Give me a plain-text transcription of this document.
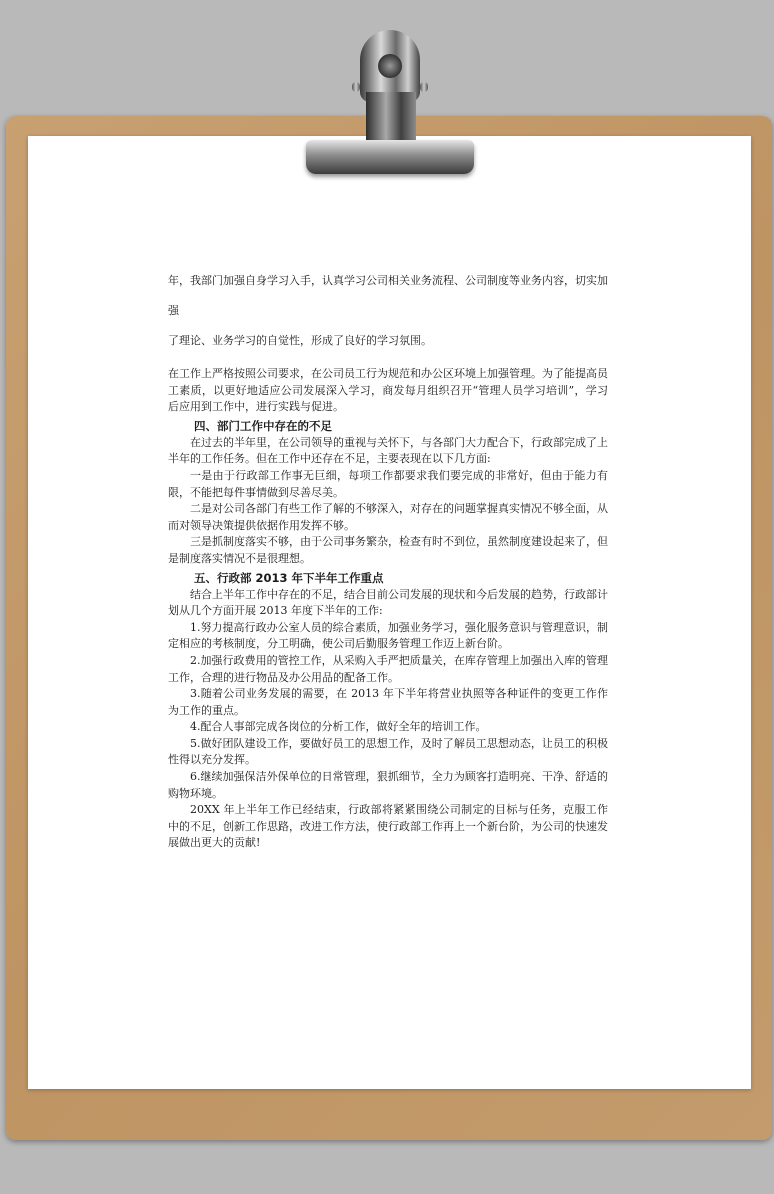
年，我部门加强自身学习入手，认真学习公司相关业务流程、公司制度等业务内容，切实加强

了理论、业务学习的自觉性，形成了良好的学习氛围。

在工作上严格按照公司要求，在公司员工行为规范和办公区环境上加强管理。为了能提高员工素质，以更好地适应公司发展深入学习，商发每月组织召开“管理人员学习培训”，学习后应用到工作中，进行实践与促进。

四、部门工作中存在的不足

在过去的半年里，在公司领导的重视与关怀下，与各部门大力配合下，行政部完成了上半年的工作任务。但在工作中还存在不足，主要表现在以下几方面:

一是由于行政部工作事无巨细，每项工作都要求我们要完成的非常好，但由于能力有限，不能把每件事情做到尽善尽美。

二是对公司各部门有些工作了解的不够深入，对存在的问题掌握真实情况不够全面，从而对领导决策提供依据作用发挥不够。

三是抓制度落实不够，由于公司事务繁杂，检查有时不到位，虽然制度建设起来了，但是制度落实情况不是很理想。

五、行政部 2013 年下半年工作重点

结合上半年工作中存在的不足，结合目前公司发展的现状和今后发展的趋势，行政部计划从几个方面开展 2013 年度下半年的工作:

1.努力提高行政办公室人员的综合素质，加强业务学习，强化服务意识与管理意识，制定相应的考核制度，分工明确，使公司后勤服务管理工作迈上新台阶。

2.加强行政费用的管控工作，从采购入手严把质量关，在库存管理上加强出入库的管理工作，合理的进行物品及办公用品的配备工作。

3.随着公司业务发展的需要，在 2013 年下半年将营业执照等各种证件的变更工作作为工作的重点。

4.配合人事部完成各岗位的分析工作，做好全年的培训工作。

5.做好团队建设工作，要做好员工的思想工作，及时了解员工思想动态，让员工的积极性得以充分发挥。

6.继续加强保洁外保单位的日常管理，狠抓细节，全力为顾客打造明亮、干净、舒适的购物环境。

20XX 年上半年工作已经结束，行政部将紧紧围绕公司制定的目标与任务，克服工作中的不足，创新工作思路，改进工作方法，使行政部工作再上一个新台阶，为公司的快速发展做出更大的贡献!
